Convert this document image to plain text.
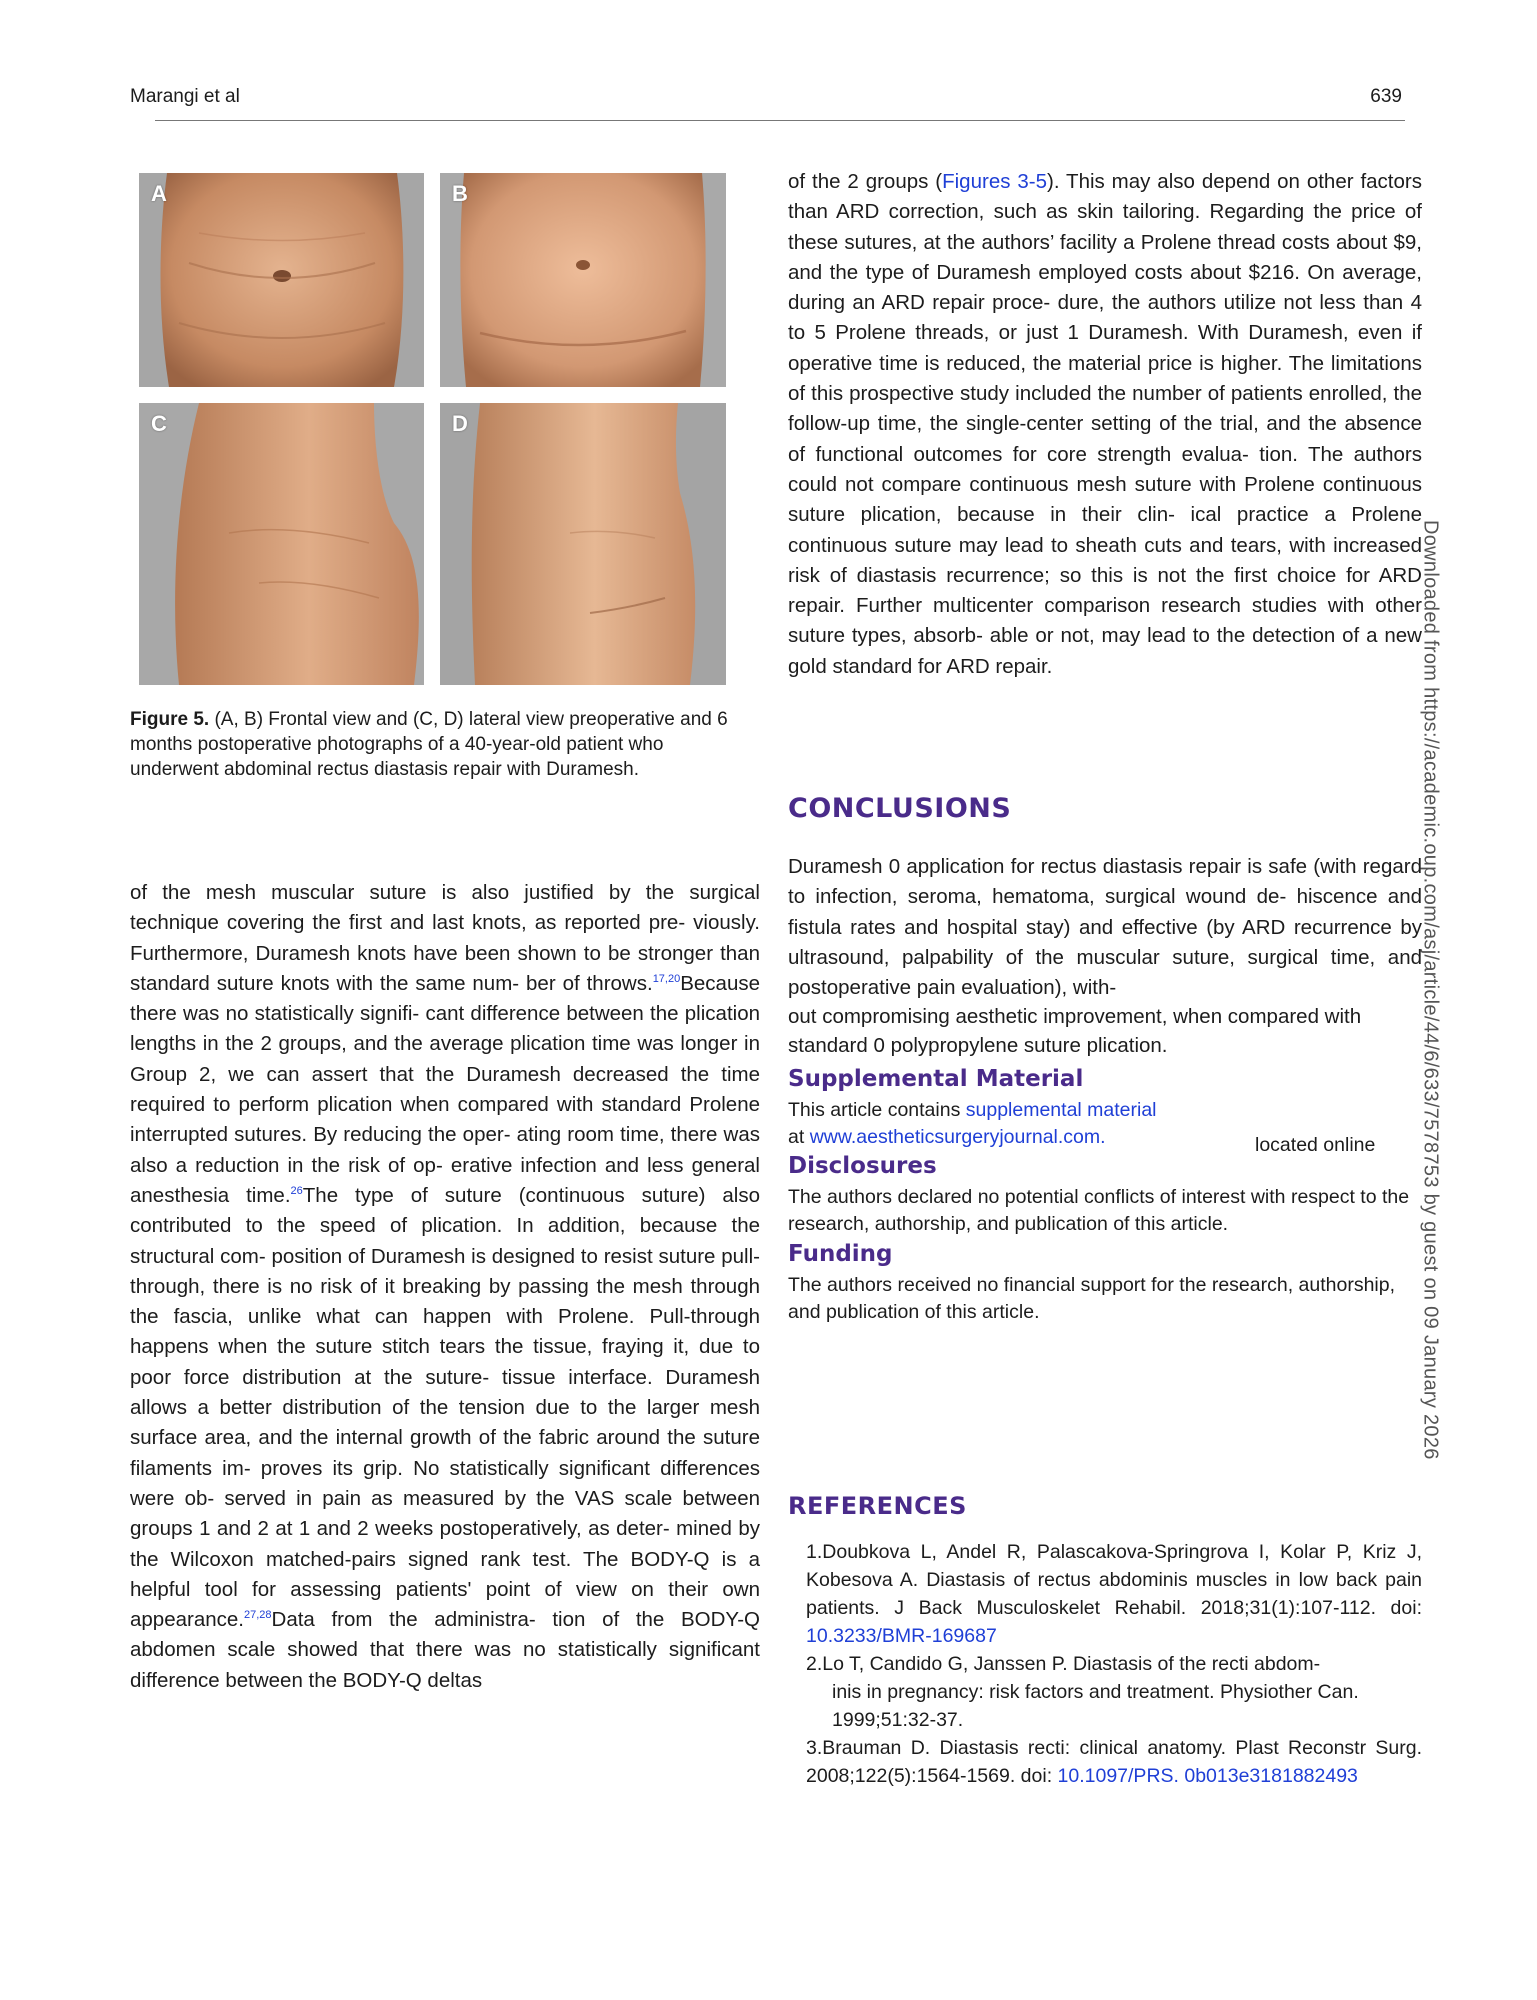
Marangi et al	639
A	B
C	D
Figure 5. (A, B) Frontal view and (C, D) lateral view preoperative and 6 months postoperative photographs of a 40-year-old patient who underwent abdominal rectus diastasis repair with Duramesh.
of the mesh muscular suture is also justified by the surgical technique covering the first and last knots, as reported pre- viously. Furthermore, Duramesh knots have been shown to be stronger than standard suture knots with the same num- ber of throws.$^{17,20}$Because there was no statistically signifi- cant difference between the plication lengths in the 2 groups, and the average plication time was longer in Group 2, we can assert that the Duramesh decreased the time required to perform plication when compared with standard Prolene interrupted sutures. By reducing the oper- ating room time, there was also a reduction in the risk of op- erative infection and less general anesthesia time.$^{26}$The type of suture (continuous suture) also contributed to the speed of plication. In addition, because the structural com- position of Duramesh is designed to resist suture pull- through, there is no risk of it breaking by passing the mesh through the fascia, unlike what can happen with Prolene. Pull-through happens when the suture stitch tears the tissue, fraying it, due to poor force distribution at the suture- tissue interface. Duramesh allows a better distribution of the tension due to the larger mesh surface area, and the internal growth of the fabric around the suture filaments im- proves its grip. No statistically significant differences were ob- served in pain as measured by the VAS scale between groups 1 and 2 at 1 and 2 weeks postoperatively, as deter- mined by the Wilcoxon matched-pairs signed rank test. The BODY-Q is a helpful tool for assessing patients' point of view on their own appearance.$^{27,28}$Data from the administra- tion of the BODY-Q abdomen scale showed that there was no statistically significant difference between the BODY-Q deltas
of the 2 groups (Figures 3-5). This may also depend on other factors than ARD correction, such as skin tailoring. Regarding the price of these sutures, at the authors’ facility a Prolene thread costs about $9, and the type of Duramesh employed costs about $216. On average, during an ARD repair proce- dure, the authors utilize not less than 4 to 5 Prolene threads, or just 1 Duramesh. With Duramesh, even if operative time is reduced, the material price is higher. The limitations of this prospective study included the number of patients enrolled, the follow-up time, the single-center setting of the trial, and the absence of functional outcomes for core strength evalua- tion. The authors could not compare continuous mesh suture with Prolene continuous suture plication, because in their clin- ical practice a Prolene continuous suture may lead to sheath cuts and tears, with increased risk of diastasis recurrence; so this is not the first choice for ARD repair. Further multicenter comparison research studies with other suture types, absorb- able or not, may lead to the detection of a new gold standard for ARD repair.
CONCLUSIONS
Duramesh 0 application for rectus diastasis repair is safe (with regard to infection, seroma, hematoma, surgical wound de- hiscence and fistula rates and hospital stay) and effective (by ARD recurrence by ultrasound, palpability of the muscular suture, surgical time, and postoperative pain evaluation), with-
out compromising aesthetic improvement, when compared with standard 0 polypropylene suture plication.
Supplemental Material
This article contains supplemental material
at www.aestheticsurgeryjournal.com.	located online
Disclosures
The authors declared no potential conflicts of interest with respect to the research, authorship, and publication of this article.
Funding
The authors received no financial support for the research, authorship, and publication of this article.
REFERENCES
1.Doubkova L, Andel R, Palascakova-Springrova I, Kolar P, Kriz J, Kobesova A. Diastasis of rectus abdominis muscles in low back pain patients. J Back Musculoskelet Rehabil. 2018;31(1):107-112. doi: 10.3233/BMR-169687
2.Lo T, Candido G, Janssen P. Diastasis of the recti abdom-
inis in pregnancy: risk factors and treatment. Physiother Can. 1999;51:32-37.
3.Brauman D. Diastasis recti: clinical anatomy. Plast Reconstr Surg. 2008;122(5):1564-1569. doi: 10.1097/PRS. 0b013e3181882493
Downloaded from https://academic.oup.com/asj/article/44/6/633/7578753 by guest on 09 January 2026
